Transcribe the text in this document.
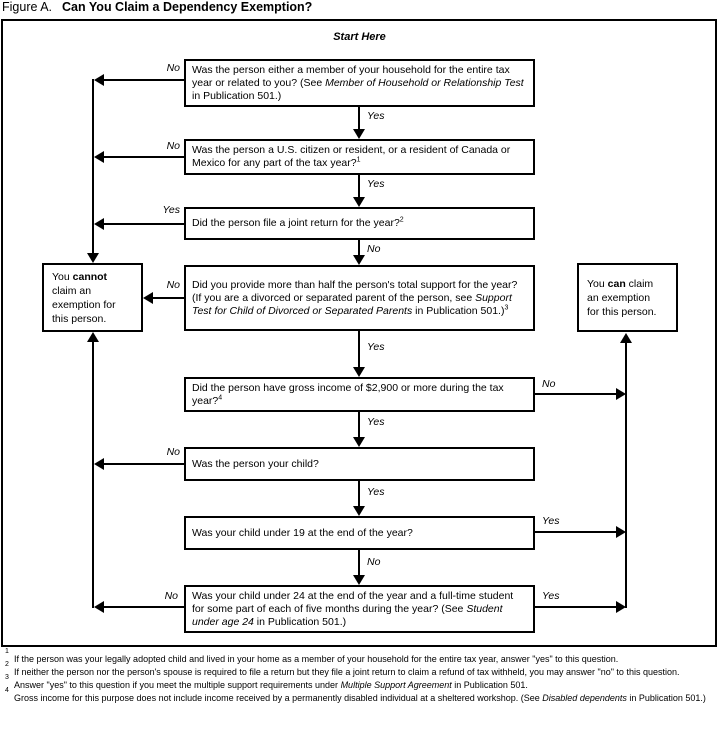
Figure A. Can You Claim a Dependency Exemption?
Start Here
Was the person either a member of your household for the entire tax year or related to you? (See Member of Household or Relationship Test in Publication 501.)
Was the person a U.S. citizen or resident, or a resident of Canada or Mexico for any part of the tax year?$^1$
Did the person file a joint return for the year?$^2$
Did you provide more than half the person's total support for the year? (If you are a divorced or separated parent of the person, see Support Test for Child of Divorced or Separated Parents in Publication 501.)$^3$
Did the person have gross income of $2,900 or more during the tax year?$^4$
Was the person your child?
Was your child under 19 at the end of the year?
Was your child under 24 at the end of the year and a full-time student for some part of each of five months during the year? (See Student under age 24 in Publication 501.)
You cannot
claim an
exemption for
this person.
You can claim
an exemption
for this person.
No
Yes
No
Yes
Yes
No
No
Yes
No
Yes
No
Yes
Yes
No
No	Yes

1
If the person was your legally adopted child and lived in your home as a member of your household for the entire tax year, answer "yes" to this question.

2
If neither the person nor the person's spouse is required to file a return but they file a joint return to claim a refund of tax withheld, you may answer "no" to this question.

3
Answer "yes" to this question if you meet the multiple support requirements under Multiple Support Agreement in Publication 501.

4
Gross income for this purpose does not include income received by a permanently disabled individual at a sheltered workshop. (See Disabled dependents in Publication 501.)
